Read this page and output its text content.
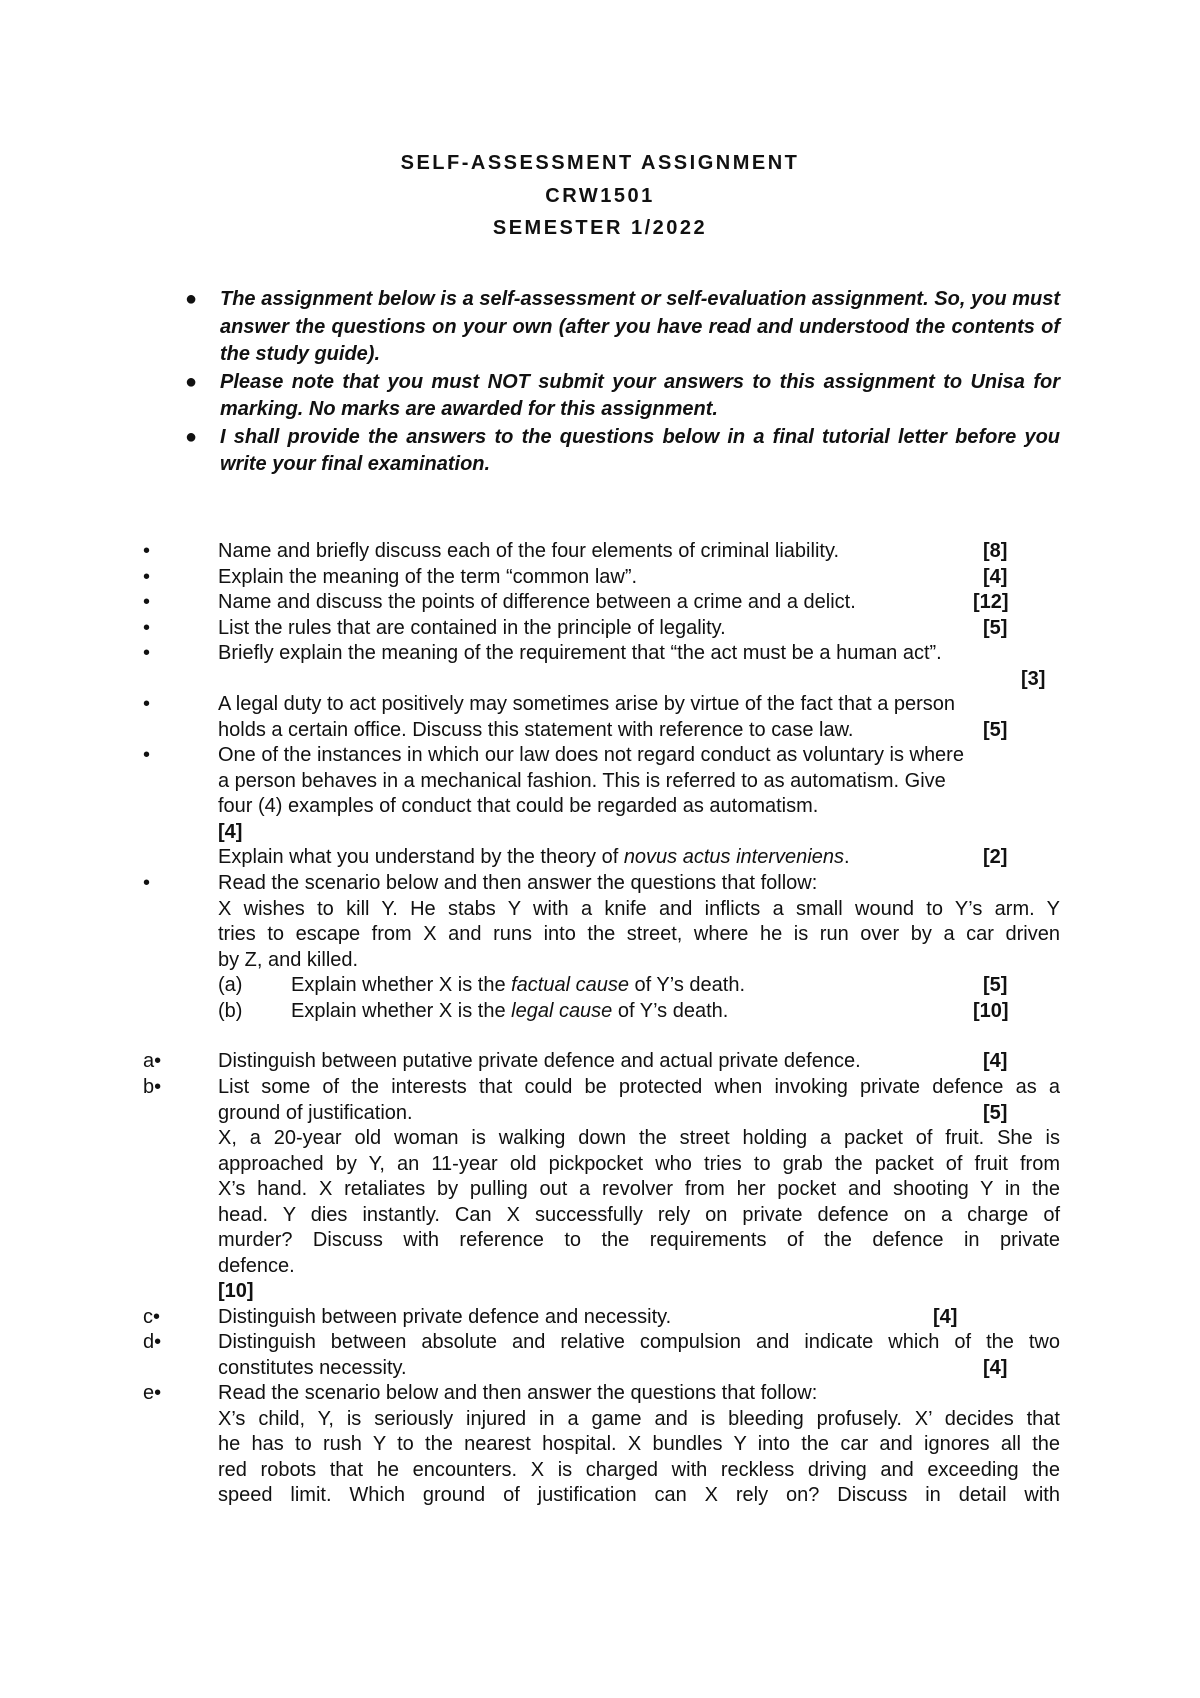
SELF-ASSESSMENT ASSIGNMENT
CRW1501
SEMESTER 1/2022
● The assignment below is a self-assessment or self-evaluation assignment. So, you must answer the questions on your own (after you have read and understood the contents of the study guide).
● Please note that you must NOT submit your answers to this assignment to Unisa for marking. No marks are awarded for this assignment.
● I shall provide the answers to the questions below in a final tutorial letter before you write your final examination.
•	Name and briefly discuss each of the four elements of criminal liability.	[8]
•	Explain the meaning of the term “common law”.	[4]
•	Name and discuss the points of difference between a crime and a delict.	[12]
•	List the rules that are contained in the principle of legality.	[5]
•	Briefly explain the meaning of the requirement that “the act must be a human act”.
[3]
•	A legal duty to act positively may sometimes arise by virtue of the fact that a person
holds a certain office. Discuss this statement with reference to case law.	[5]
•	One of the instances in which our law does not regard conduct as voluntary is where
a person behaves in a mechanical fashion. This is referred to as automatism. Give
four (4) examples of conduct that could be regarded as automatism.
[4]
Explain what you understand by the theory of novus actus interveniens.	[2]
•	Read the scenario below and then answer the questions that follow:
X wishes to kill Y. He stabs Y with a knife and inflicts a small wound to Y’s arm. Y
tries to escape from X and runs into the street, where he is run over by a car driven
by Z, and killed.
(a) Explain whether X is the factual cause of Y’s death.	[5]
(b) Explain whether X is the legal cause of Y’s death.	[10]
a•	Distinguish between putative private defence and actual private defence.	[4]
b•	List some of the interests that could be protected when invoking private defence as a
ground of justification.	[5]
X, a 20-year old woman is walking down the street holding a packet of fruit. She is
approached by Y, an 11-year old pickpocket who tries to grab the packet of fruit from
X’s hand. X retaliates by pulling out a revolver from her pocket and shooting Y in the
head. Y dies instantly. Can X successfully rely on private defence on a charge of
murder? Discuss with reference to the requirements of the defence in private
defence.
[10]
c•	Distinguish between private defence and necessity.	[4]
d•	Distinguish between absolute and relative compulsion and indicate which of the two
constitutes necessity.	[4]
e•	Read the scenario below and then answer the questions that follow:
X’s child, Y, is seriously injured in a game and is bleeding profusely. X’ decides that
he has to rush Y to the nearest hospital. X bundles Y into the car and ignores all the
red robots that he encounters. X is charged with reckless driving and exceeding the
speed limit. Which ground of justification can X rely on? Discuss in detail with
